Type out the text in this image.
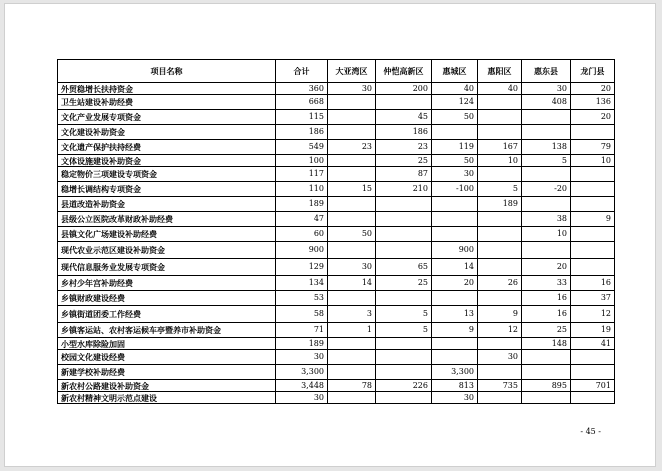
项目名称	合计	大亚湾区	仲恺高新区	惠城区	惠阳区	惠东县	龙门县
外贸稳增长扶持资金	360	30	200	40	40	30	20
卫生站建设补助经费	668			124		408	136
文化产业发展专项资金	115		45	50			20
文化建设补助资金	186		186				
文化遗产保护扶持经费	549	23	23	119	167	138	79
文体设施建设补助资金	100		25	50	10	5	10
稳定物价三项建设专项资金	117		87	30			
稳增长调结构专项资金	110	15	210	-100	5	-20	
县道改造补助资金	189				189		
县级公立医院改革财政补助经费	47					38	9
县镇文化广场建设补助经费	60	50				10	
现代农业示范区建设补助资金	900			900			
现代信息服务业发展专项资金	129	30	65	14		20	
乡村少年宫补助经费	134	14	25	20	26	33	16
乡镇财政建设经费	53					16	37
乡镇街道团委工作经费	58	3	5	13	9	16	12
乡镇客运站、农村客运候车亭暨养市补助资金	71	1	5	9	12	25	19
小型水库除险加固	189					148	41
校园文化建设经费	30				30		
新建学校补助经费	3,300			3,300			
新农村公路建设补助资金	3,448	78	226	813	735	895	701
新农村精神文明示范点建设	30			30			
- 45 -
